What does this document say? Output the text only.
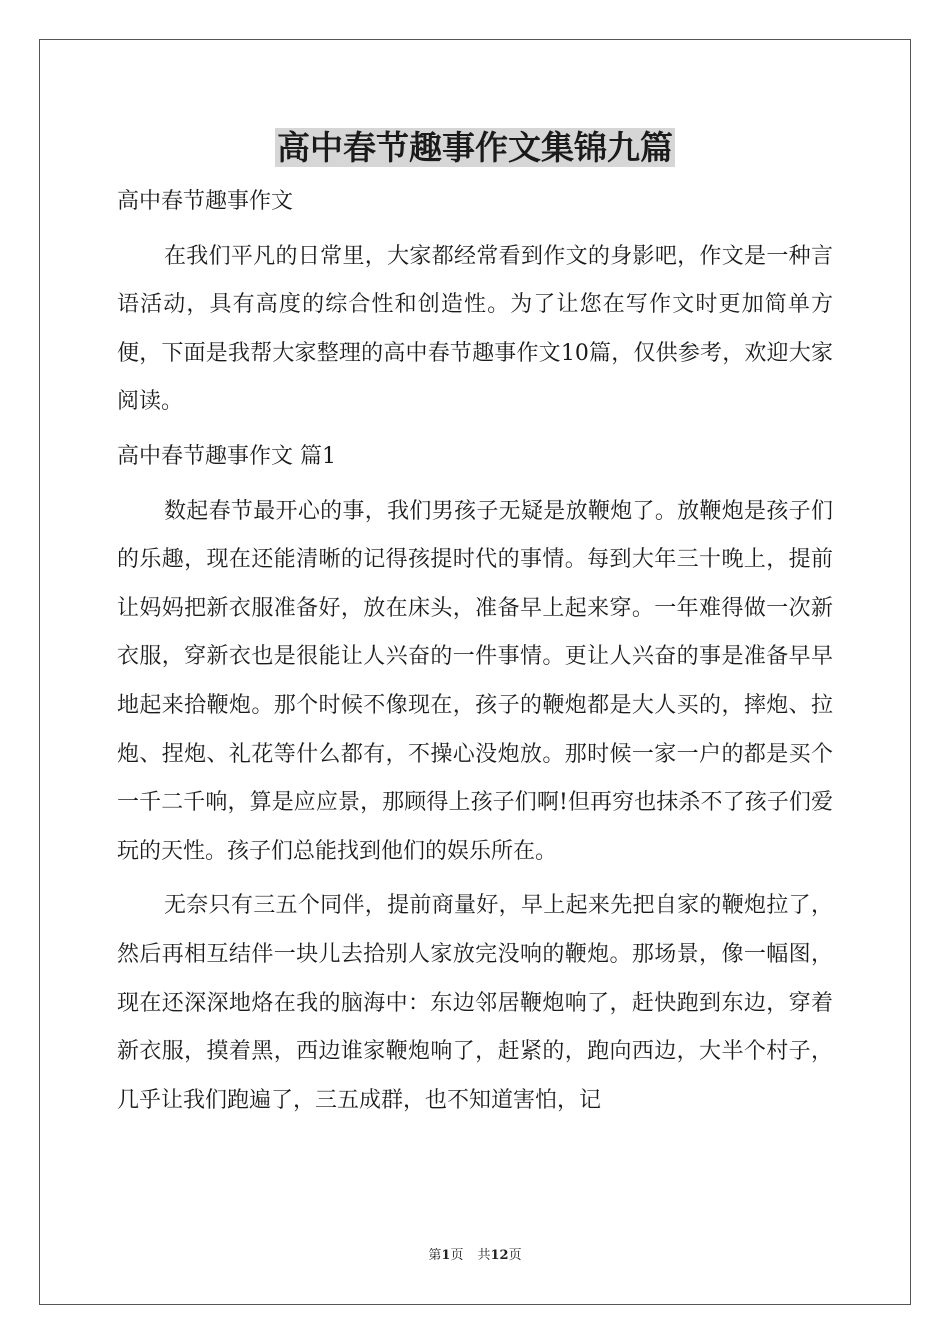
高中春节趣事作文集锦九篇

高中春节趣事作文

在我们平凡的日常里，大家都经常看到作文的身影吧，作文是一种言语活动，具有高度的综合性和创造性。为了让您在写作文时更加简单方便，下面是我帮大家整理的高中春节趣事作文10篇，仅供参考，欢迎大家阅读。

高中春节趣事作文 篇1

数起春节最开心的事，我们男孩子无疑是放鞭炮了。放鞭炮是孩子们的乐趣，现在还能清晰的记得孩提时代的事情。每到大年三十晚上，提前让妈妈把新衣服准备好，放在床头，准备早上起来穿。一年难得做一次新衣服，穿新衣也是很能让人兴奋的一件事情。更让人兴奋的事是准备早早地起来拾鞭炮。那个时候不像现在，孩子的鞭炮都是大人买的，摔炮、拉炮、捏炮、礼花等什么都有，不操心没炮放。那时候一家一户的都是买个一千二千响，算是应应景，那顾得上孩子们啊!但再穷也抹杀不了孩子们爱玩的天性。孩子们总能找到他们的娱乐所在。

无奈只有三五个同伴，提前商量好，早上起来先把自家的鞭炮拉了，然后再相互结伴一块儿去拾别人家放完没响的鞭炮。那场景，像一幅图，现在还深深地烙在我的脑海中：东边邻居鞭炮响了，赶快跑到东边，穿着新衣服，摸着黑，西边谁家鞭炮响了，赶紧的，跑向西边，大半个村子，几乎让我们跑遍了，三五成群，也不知道害怕，记

第1页 共12页
